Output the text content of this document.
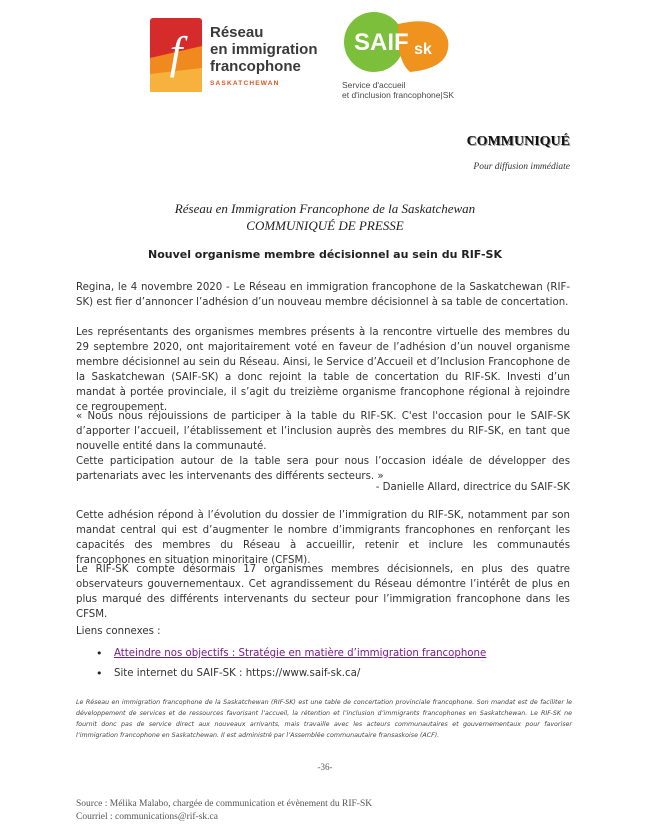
f	Réseau
en immigration
francophone
SASKATCHEWAN
SAIF sk
Service d'accueil
et d'inclusion francophone|SK
COMMUNIQUÉ
Pour diffusion immédiate
Réseau en Immigration Francophone de la Saskatchewan
COMMUNIQUÉ DE PRESSE
Nouvel organisme membre décisionnel au sein du RIF-SK

Regina, le 4 novembre 2020 - Le Réseau en immigration francophone de la Saskatchewan (RIF-SK) est fier d’annoncer l’adhésion d’un nouveau membre décisionnel à sa table de concertation.

Les représentants des organismes membres présents à la rencontre virtuelle des membres du 29 septembre 2020, ont majoritairement voté en faveur de l’adhésion d’un nouvel organisme membre décisionnel au sein du Réseau. Ainsi, le Service d’Accueil et d’Inclusion Francophone de la Saskatchewan (SAIF-SK) a donc rejoint la table de concertation du RIF-SK. Investi d’un mandat à portée provinciale, il s’agit du treizième organisme francophone régional à rejoindre ce regroupement.

« Nous nous réjouissions de participer à la table du RIF-SK. C'est l'occasion pour le SAIF-SK d’apporter l’accueil, l’établissement et l’inclusion auprès des membres du RIF-SK, en tant que nouvelle entité dans la communauté.
Cette participation autour de la table sera pour nous l’occasion idéale de développer des partenariats avec les intervenants des différents secteurs. »

- Danielle Allard, directrice du SAIF-SK

Cette adhésion répond à l’évolution du dossier de l’immigration du RIF-SK, notamment par son mandat central qui est d’augmenter le nombre d’immigrants francophones en renforçant les capacités des membres du Réseau à accueillir, retenir et inclure les communautés francophones en situation minoritaire (CFSM).

Le RIF-SK compte désormais 17 organismes membres décisionnels, en plus des quatre observateurs gouvernementaux. Cet agrandissement du Réseau démontre l’intérêt de plus en plus marqué des différents intervenants du secteur pour l’immigration francophone dans les CFSM.

Liens connexes :
• Atteindre nos objectifs : Stratégie en matière d’immigration francophone
• Site internet du SAIF-SK : https://www.saif-sk.ca/

Le Réseau en immigration francophone de la Saskatchewan (RIF-SK) est une table de concertation provinciale francophone. Son mandat est de faciliter le développement de services et de ressources favorisant l’accueil, la rétention et l’inclusion d’immigrants francophones en Saskatchewan. Le RIF-SK ne fournit donc pas de service direct aux nouveaux arrivants, mais travaille avec les acteurs communautaires et gouvernementaux pour favoriser l’immigration francophone en Saskatchewan. Il est administré par l’Assemblée communautaire fransaskoise (ACF).

-36-
Source : Mélika Malabo, chargée de communication et évènement du RIF-SK
Courriel : communications@rif-sk.ca
